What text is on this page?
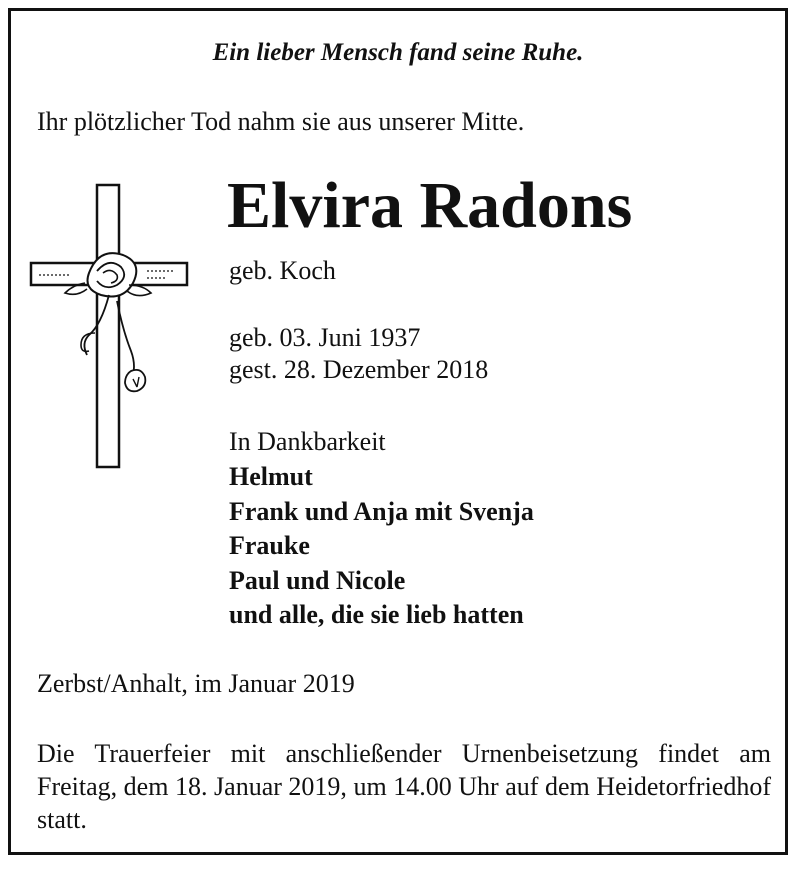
Ein lieber Mensch fand seine Ruhe.
Ihr plötzlicher Tod nahm sie aus unserer Mitte.
Elvira Radons
geb. Koch
geb. 03. Juni 1937
gest. 28. Dezember 2018
In Dankbarkeit
Helmut
Frank und Anja mit Svenja
Frauke
Paul und Nicole
und alle, die sie lieb hatten
Zerbst/Anhalt, im Januar 2019
Die Trauerfeier mit anschließender Urnenbeisetzung findet am Freitag, dem 18. Januar 2019, um 14.00 Uhr auf dem Heidetorfriedhof statt.
